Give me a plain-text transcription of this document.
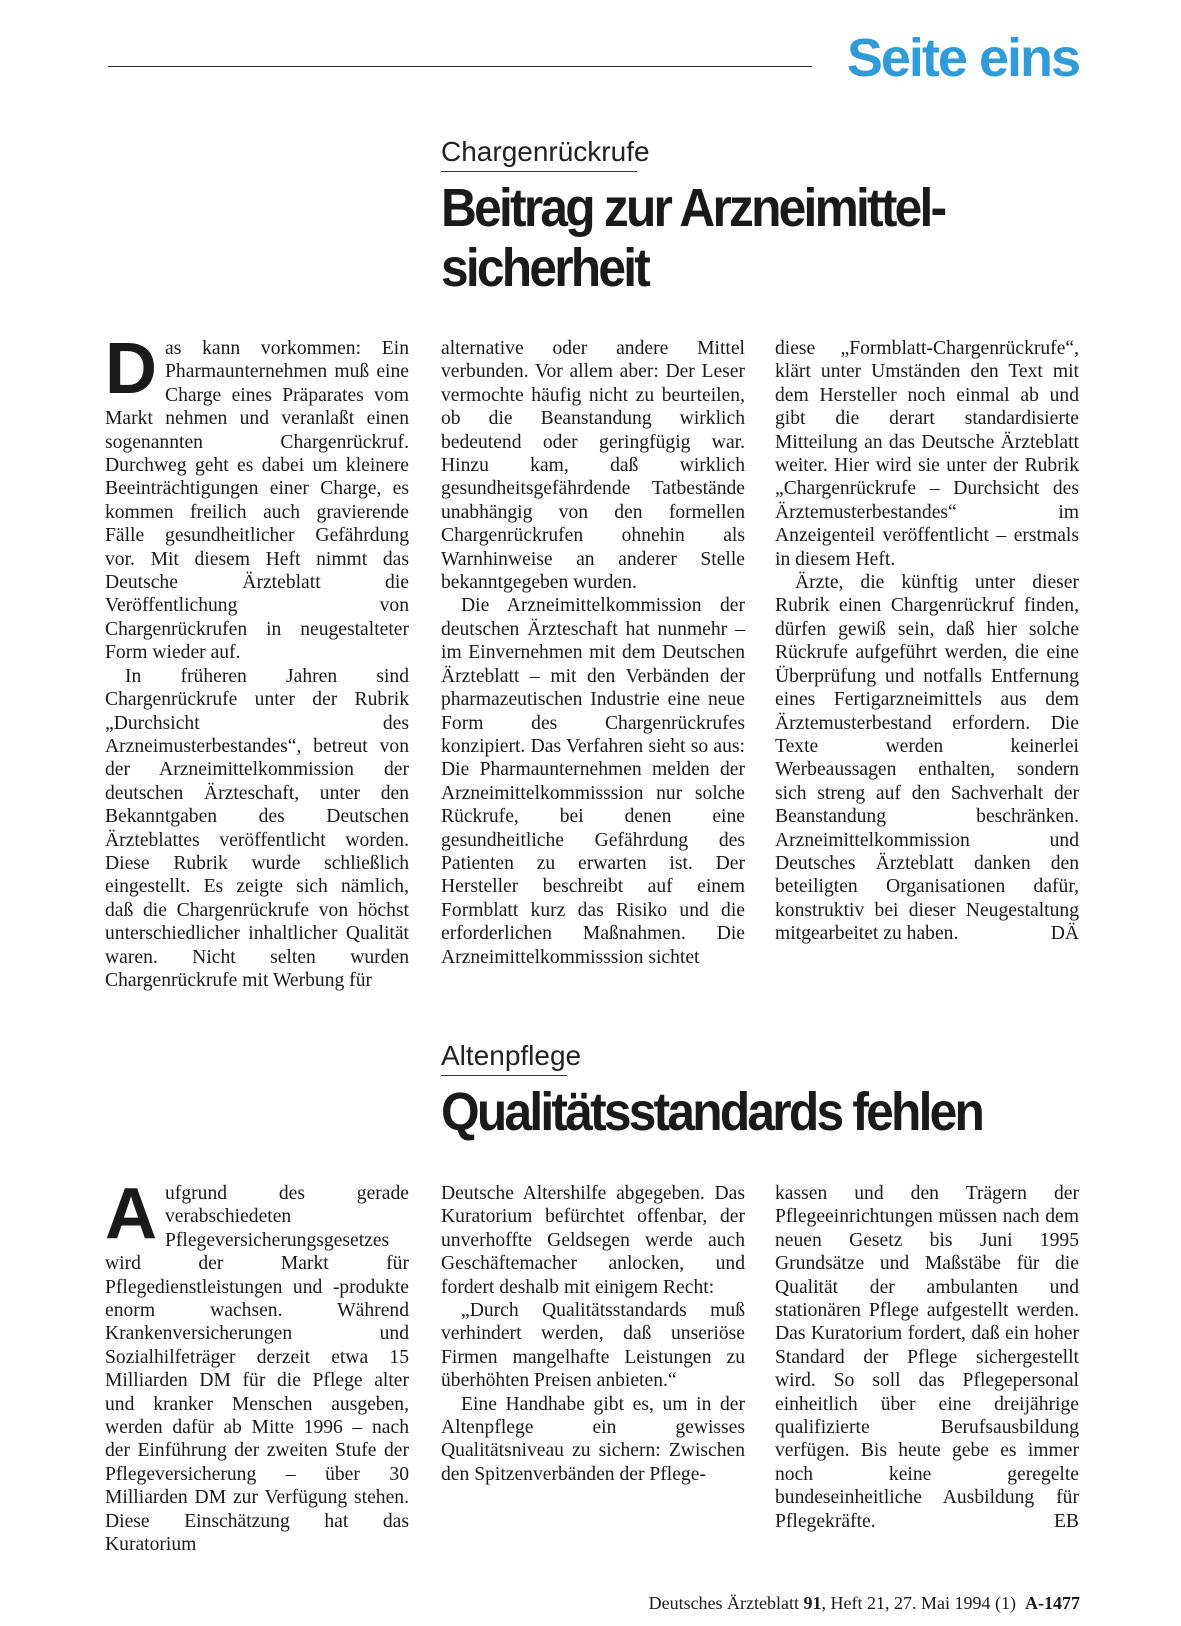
Seite eins
Chargenrückrufe
Beitrag zur Arzneimittel-
sicherheit

Das kann vorkommen: Ein Pharmaunternehmen muß eine Charge eines Präparates vom Markt nehmen und veranlaßt einen sogenannten Chargenrückruf. Durchweg geht es dabei um kleinere Beeinträchtigungen einer Charge, es kommen freilich auch gravierende Fälle gesundheitlicher Gefährdung vor. Mit diesem Heft nimmt das Deutsche Ärzteblatt die Veröffentlichung von Chargenrückrufen in neugestalteter Form wieder auf.

In früheren Jahren sind Chargenrückrufe unter der Rubrik „Durchsicht des Arzneimusterbestandes“, betreut von der Arzneimittelkommission der deutschen Ärzteschaft, unter den Bekanntgaben des Deutschen Ärzteblattes veröffentlicht worden. Diese Rubrik wurde schließlich eingestellt. Es zeigte sich nämlich, daß die Chargenrückrufe von höchst unterschiedlicher inhaltlicher Qualität waren. Nicht selten wurden Chargenrückrufe mit Werbung für

alternative oder andere Mittel verbunden. Vor allem aber: Der Leser vermochte häufig nicht zu beurteilen, ob die Beanstandung wirklich bedeutend oder geringfügig war. Hinzu kam, daß wirklich gesundheitsgefährdende Tatbestände unabhängig von den formellen Chargenrückrufen ohnehin als Warnhinweise an anderer Stelle bekanntgegeben wurden.

Die Arzneimittelkommission der deutschen Ärzteschaft hat nunmehr – im Einvernehmen mit dem Deutschen Ärzteblatt – mit den Verbänden der pharmazeutischen Industrie eine neue Form des Chargenrückrufes konzipiert. Das Verfahren sieht so aus: Die Pharmaunternehmen melden der Arzneimittelkommisssion nur solche Rückrufe, bei denen eine gesundheitliche Gefährdung des Patienten zu erwarten ist. Der Hersteller beschreibt auf einem Formblatt kurz das Risiko und die erforderlichen Maßnahmen. Die Arzneimittelkommisssion sichtet

diese „Formblatt-Chargenrückrufe“, klärt unter Umständen den Text mit dem Hersteller noch einmal ab und gibt die derart standardisierte Mitteilung an das Deutsche Ärzteblatt weiter. Hier wird sie unter der Rubrik „Chargenrückrufe – Durchsicht des Ärztemusterbestandes“ im Anzeigenteil veröffentlicht – erstmals in diesem Heft.

Ärzte, die künftig unter dieser Rubrik einen Chargenrückruf finden, dürfen gewiß sein, daß hier solche Rückrufe aufgeführt werden, die eine Überprüfung und notfalls Entfernung eines Fertigarzneimittels aus dem Ärztemusterbestand erfordern. Die Texte werden keinerlei Werbeaussagen enthalten, sondern sich streng auf den Sachverhalt der Beanstandung beschränken. Arzneimittelkommission und Deutsches Ärzteblatt danken den beteiligten Organisationen dafür, konstruktiv bei dieser Neugestaltung mitgearbeitet zu haben.	DÄ

Altenpflege
Qualitätsstandards fehlen

Aufgrund des gerade verabschiedeten Pflegeversicherungsgesetzes wird der Markt für Pflegedienstleistungen und -produkte enorm wachsen. Während Krankenversicherungen und Sozialhilfeträger derzeit etwa 15 Milliarden DM für die Pflege alter und kranker Menschen ausgeben, werden dafür ab Mitte 1996 – nach der Einführung der zweiten Stufe der Pflegeversicherung – über 30 Milliarden DM zur Verfügung stehen. Diese Einschätzung hat das Kuratorium

Deutsche Altershilfe abgegeben. Das Kuratorium befürchtet offenbar, der unverhoffte Geldsegen werde auch Geschäftemacher anlocken, und fordert deshalb mit einigem Recht:

„Durch Qualitätsstandards muß verhindert werden, daß unseriöse Firmen mangelhafte Leistungen zu überhöhten Preisen anbieten.“

Eine Handhabe gibt es, um in der Altenpflege ein gewisses Qualitätsniveau zu sichern: Zwischen den Spitzenverbänden der Pflege-

kassen und den Trägern der Pflegeeinrichtungen müssen nach dem neuen Gesetz bis Juni 1995 Grundsätze und Maßstäbe für die Qualität der ambulanten und stationären Pflege aufgestellt werden. Das Kuratorium fordert, daß ein hoher Standard der Pflege sichergestellt wird. So soll das Pflegepersonal einheitlich über eine dreijährige qualifizierte Berufsausbildung verfügen. Bis heute gebe es immer noch keine geregelte bundeseinheitliche Ausbildung für Pflegekräfte.	EB

Deutsches Ärzteblatt 91, Heft 21, 27. Mai 1994 (1) A-1477
